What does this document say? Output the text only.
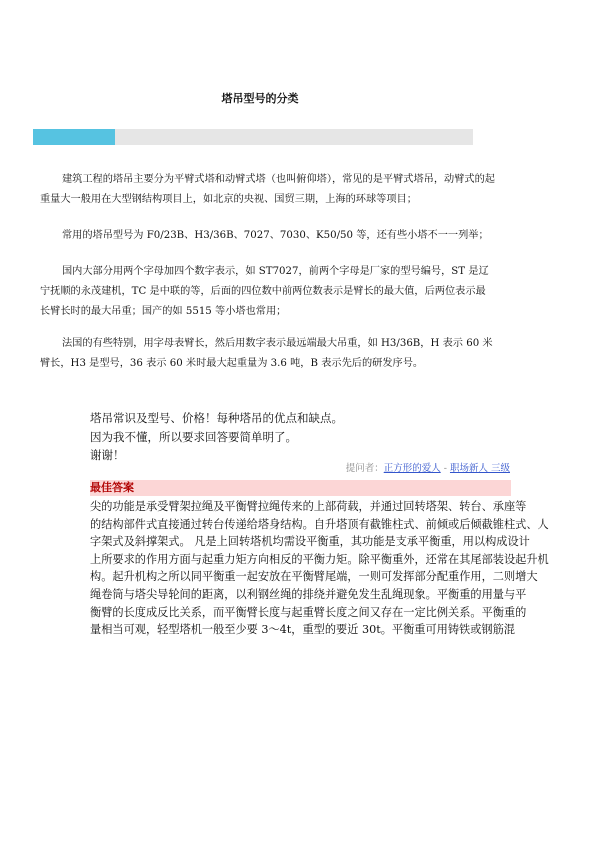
塔吊型号的分类

建筑工程的塔吊主要分为平臂式塔和动臂式塔（也叫俯仰塔），常见的是平臂式塔吊，动臂式的起重量大一般用在大型钢结构项目上，如北京的央视、国贸三期，上海的环球等项目；

常用的塔吊型号为 F0/23B、H3/36B、7027、7030、K50/50 等，还有些小塔不一一列举；

国内大部分用两个字母加四个数字表示，如 ST7027，前两个字母是厂家的型号编号，ST 是辽宁抚顺的永茂建机，TC 是中联的等，后面的四位数中前两位数表示是臂长的最大值，后两位表示最长臂长时的最大吊重；国产的如 5515 等小塔也常用；

法国的有些特别，用字母表臂长，然后用数字表示最远端最大吊重，如 H3/36B，H 表示 60 米臂长，H3 是型号，36 表示 60 米时最大起重量为 3.6 吨，B 表示先后的研发序号。

塔吊常识及型号、价格！每种塔吊的优点和缺点。

因为我不懂，所以要求回答要简单明了。

谢谢！

提问者：正方形的爱人 - 职场新人 三级
最佳答案
尖的功能是承受臂架拉绳及平衡臂拉绳传来的上部荷载，并通过回转塔架、转台、承座等
的结构部件式直接通过转台传递给塔身结构。自升塔顶有截锥柱式、前倾或后倾截锥柱式、人
字架式及斜撑架式。 凡是上回转塔机均需设平衡重，其功能是支承平衡重，用以构成设计
上所要求的作用方面与起重力矩方向相反的平衡力矩。除平衡重外，还常在其尾部装设起升机
构。起升机构之所以同平衡重一起安放在平衡臂尾端，一则可发挥部分配重作用，二则增大
绳卷筒与塔尖导轮间的距离，以利钢丝绳的排绕并避免发生乱绳现象。平衡重的用量与平
衡臂的长度成反比关系，而平衡臂长度与起重臂长度之间又存在一定比例关系。平衡重的
量相当可观，轻型塔机一般至少要 3～4t，重型的要近 30t。平衡重可用铸铁或钢筋混
